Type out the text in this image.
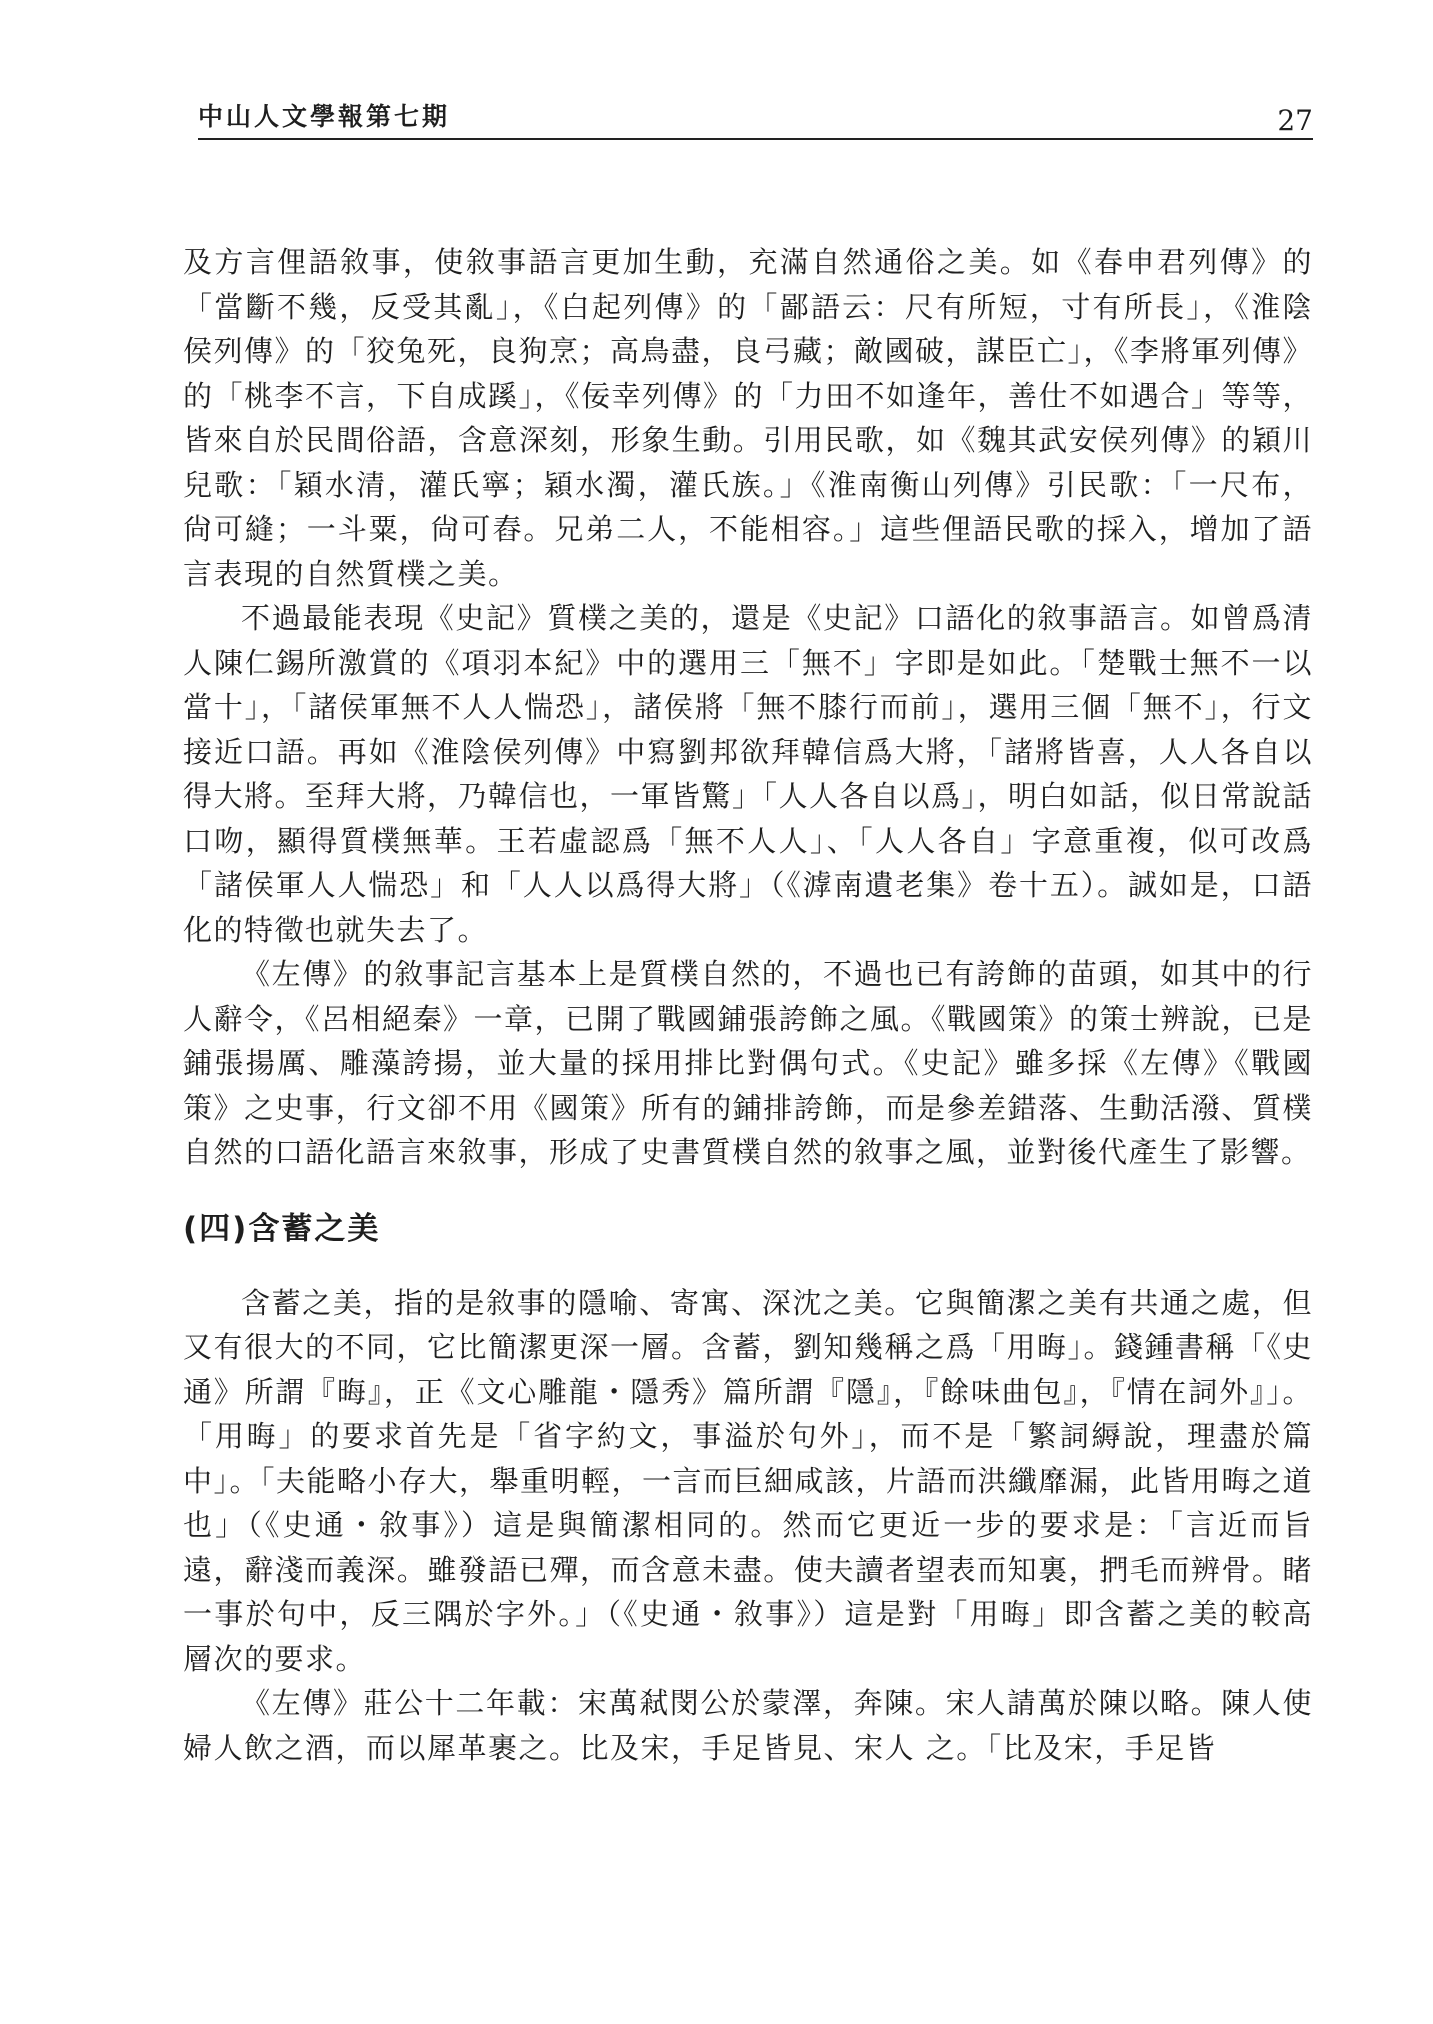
中山人文學報第七期	27

及方言俚語敘事，使敘事語言更加生動，充滿自然通俗之美。如《春申君列傳》的「當斷不幾，反受其亂」，《白起列傳》的「鄙語云：尺有所短，寸有所長」，《淮陰侯列傳》的「狡兔死，良狗烹；高鳥盡，良弓藏；敵國破，謀臣亡」，《李將軍列傳》的「桃李不言，下自成蹊」，《佞幸列傳》的「力田不如逢年，善仕不如遇合」等等，皆來自於民間俗語，含意深刻，形象生動。引用民歌，如《魏其武安侯列傳》的穎川兒歌：「穎水清，灌氏寧；穎水濁，灌氏族。」《淮南衡山列傳》引民歌：「一尺布，尙可縫；一斗粟，尙可舂。兄弟二人，不能相容。」這些俚語民歌的採入，增加了語言表現的自然質樸之美。

不過最能表現《史記》質樸之美的，還是《史記》口語化的敘事語言。如曾爲清人陳仁錫所激賞的《項羽本紀》中的選用三「無不」字即是如此。「楚戰士無不一以當十」，「諸侯軍無不人人惴恐」，諸侯將「無不膝行而前」，選用三個「無不」，行文接近口語。再如《淮陰侯列傳》中寫劉邦欲拜韓信爲大將，「諸將皆喜，人人各自以得大將。至拜大將，乃韓信也，一軍皆驚」「人人各自以爲」，明白如話，似日常說話口吻，顯得質樸無華。王若虛認爲「無不人人」、「人人各自」字意重複，似可改爲「諸侯軍人人惴恐」和「人人以爲得大將」（《滹南遺老集》卷十五）。誠如是，口語化的特徵也就失去了。

《左傳》的敘事記言基本上是質樸自然的，不過也已有誇飾的苗頭，如其中的行人辭令，《呂相絕秦》一章，已開了戰國鋪張誇飾之風。《戰國策》的策士辨說，已是鋪張揚厲、雕藻誇揚，並大量的採用排比對偶句式。《史記》雖多採《左傳》《戰國策》之史事，行文卻不用《國策》所有的鋪排誇飾，而是參差錯落、生動活潑、質樸自然的口語化語言來敘事，形成了史書質樸自然的敘事之風，並對後代產生了影響。

(四)含蓄之美

含蓄之美，指的是敘事的隱喻、寄寓、深沈之美。它與簡潔之美有共通之處，但又有很大的不同，它比簡潔更深一層。含蓄，劉知幾稱之爲「用晦」。錢鍾書稱「《史通》所謂『晦』，正《文心雕龍・隱秀》篇所謂『隱』，『餘味曲包』，『情在詞外』」。「用晦」的要求首先是「省字約文，事溢於句外」，而不是「繁詞縟說，理盡於篇中」。「夫能略小存大，舉重明輕，一言而巨細咸該，片語而洪纖靡漏，此皆用晦之道也」（《史通・敘事》）這是與簡潔相同的。然而它更近一步的要求是：「言近而旨遠，辭淺而義深。雖發語已殫，而含意未盡。使夫讀者望表而知裏，捫毛而辨骨。睹一事於句中，反三隅於字外。」（《史通・敘事》）這是對「用晦」即含蓄之美的較高層次的要求。

《左傳》莊公十二年載：宋萬弒閔公於蒙澤，奔陳。宋人請萬於陳以略。陳人使婦人飲之酒，而以犀革裹之。比及宋，手足皆見、宋人 之。「比及宋，手足皆
